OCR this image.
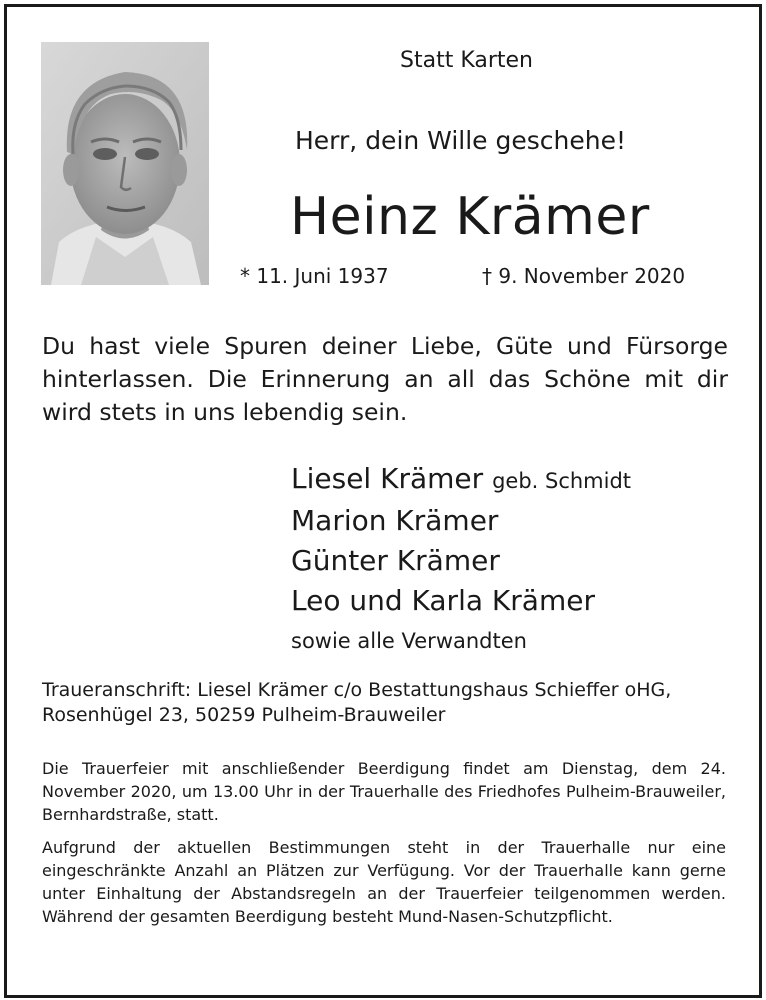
Statt Karten
Herr, dein Wille geschehe!
Heinz Krämer
* 11. Juni 1937	† 9. November 2020
Du hast viele Spuren deiner Liebe, Güte und Fürsorge hinterlassen. Die Erinnerung an all das Schöne mit dir wird stets in uns lebendig sein.
Liesel Krämer geb. Schmidt
Marion Krämer
Günter Krämer
Leo und Karla Krämer
sowie alle Verwandten
Traueranschrift: Liesel Krämer c/o Bestattungshaus Schieffer oHG,
Rosenhügel 23, 50259 Pulheim-Brauweiler
Die Trauerfeier mit anschließender Beerdigung findet am Dienstag, dem 24. November 2020, um 13.00 Uhr in der Trauerhalle des Friedhofes Pulheim-Brauweiler, Bernhardstraße, statt.
Aufgrund der aktuellen Bestimmungen steht in der Trauerhalle nur eine eingeschränkte Anzahl an Plätzen zur Verfügung. Vor der Trauerhalle kann gerne unter Einhaltung der Abstandsregeln an der Trauerfeier teilgenommen werden. Während der gesamten Beerdigung besteht Mund-Nasen-Schutzpflicht.
